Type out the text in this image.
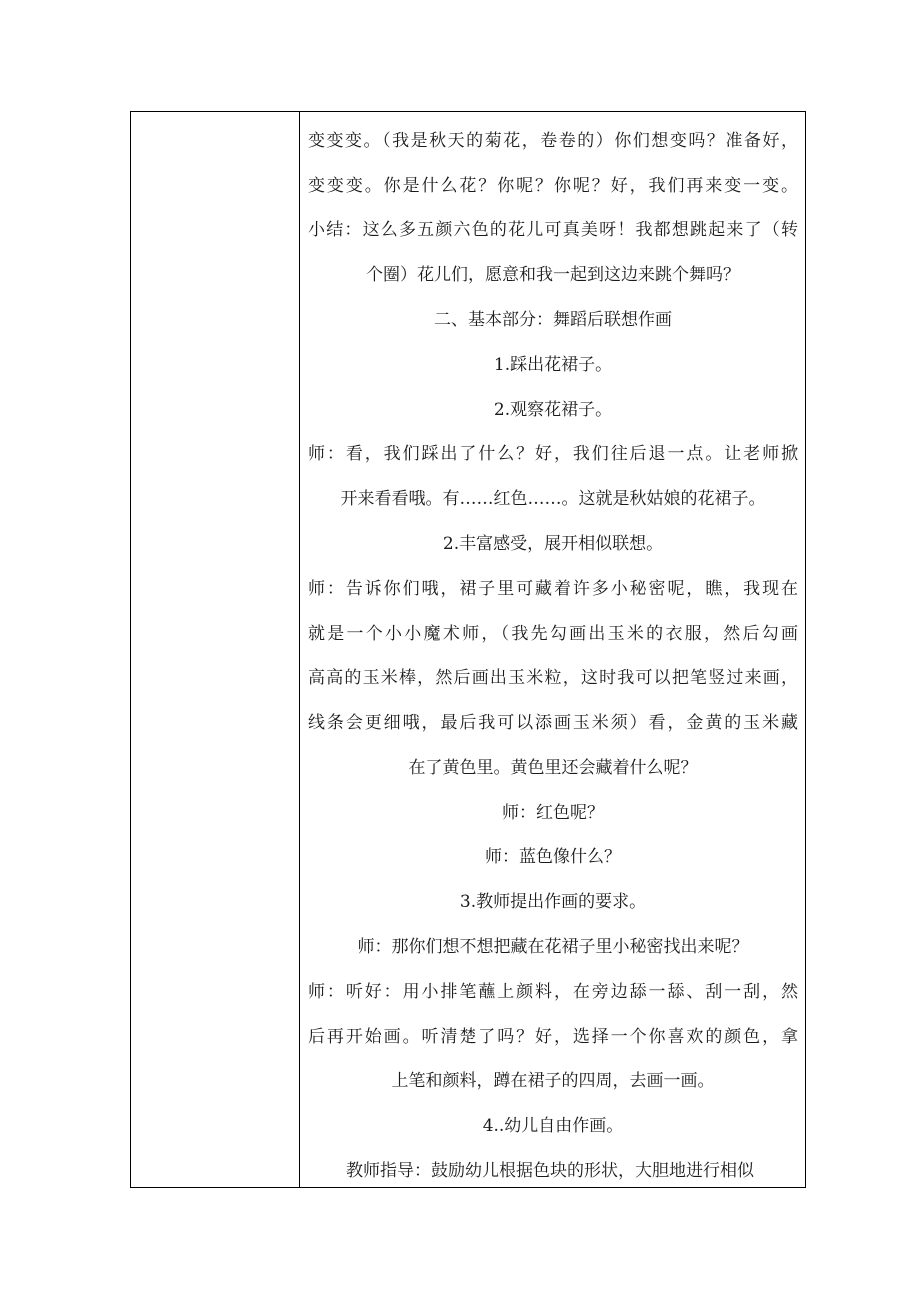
变变变。（我是秋天的菊花，卷卷的）你们想变吗？准备好，
变变变。你是什么花？你呢？你呢？好，我们再来变一变。
小结：这么多五颜六色的花儿可真美呀！我都想跳起来了（转
个圈）花儿们，愿意和我一起到这边来跳个舞吗？
二、基本部分：舞蹈后联想作画
1.踩出花裙子。
2.观察花裙子。
师：看，我们踩出了什么？好，我们往后退一点。让老师掀
开来看看哦。有……红色……。这就是秋姑娘的花裙子。
2.丰富感受，展开相似联想。
师：告诉你们哦，裙子里可藏着许多小秘密呢，瞧，我现在
就是一个小小魔术师，（我先勾画出玉米的衣服，然后勾画
高高的玉米棒，然后画出玉米粒，这时我可以把笔竖过来画，
线条会更细哦，最后我可以添画玉米须）看，金黄的玉米藏
在了黄色里。黄色里还会藏着什么呢？
师：红色呢？
师：蓝色像什么？
3.教师提出作画的要求。
师：那你们想不想把藏在花裙子里小秘密找出来呢？
师：听好：用小排笔蘸上颜料，在旁边舔一舔、刮一刮，然
后再开始画。听清楚了吗？好，选择一个你喜欢的颜色，拿
上笔和颜料，蹲在裙子的四周，去画一画。
4..幼儿自由作画。
教师指导：鼓励幼儿根据色块的形状，大胆地进行相似
